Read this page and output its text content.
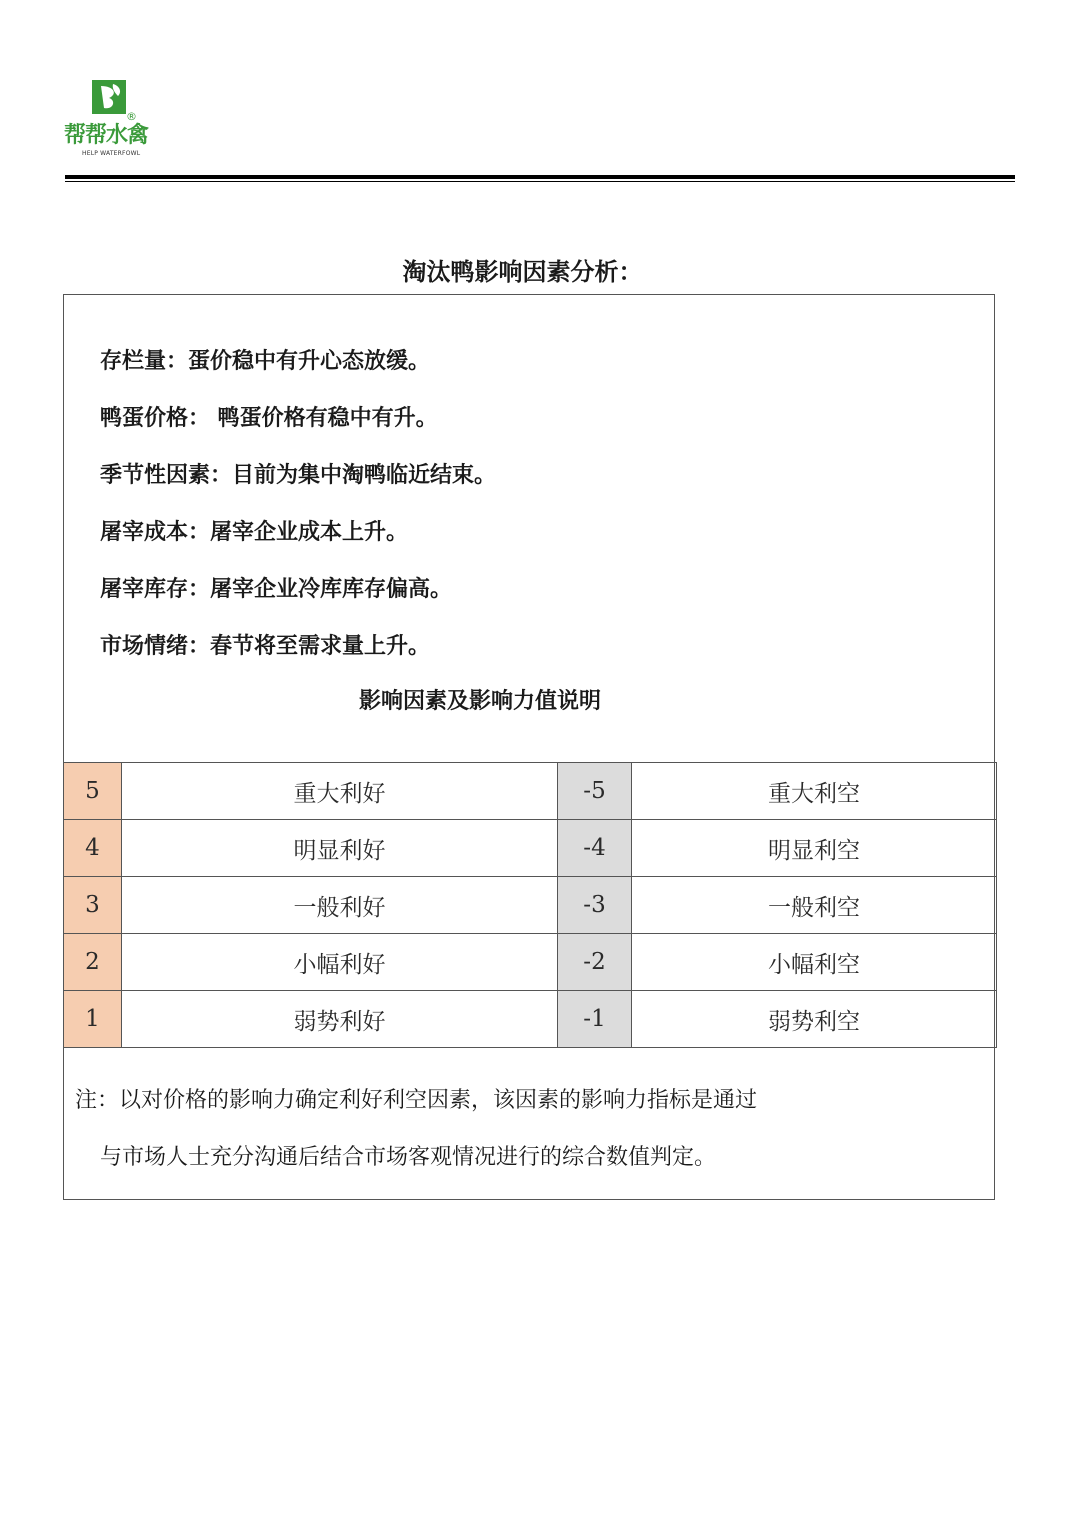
®
帮帮水禽
HELP WATERFOWL
淘汰鸭影响因素分析：
存栏量：蛋价稳中有升心态放缓。
鸭蛋价格： 鸭蛋价格有稳中有升。
季节性因素：目前为集中淘鸭临近结束。
屠宰成本：屠宰企业成本上升。
屠宰库存：屠宰企业冷库库存偏高。
市场情绪：春节将至需求量上升。
影响因素及影响力值说明
5	重大利好	-5	重大利空
4	明显利好	-4	明显利空
3	一般利好	-3	一般利空
2	小幅利好	-2	小幅利空
1	弱势利好	-1	弱势利空
注：以对价格的影响力确定利好利空因素，该因素的影响力指标是通过
与市场人士充分沟通后结合市场客观情况进行的综合数值判定。
